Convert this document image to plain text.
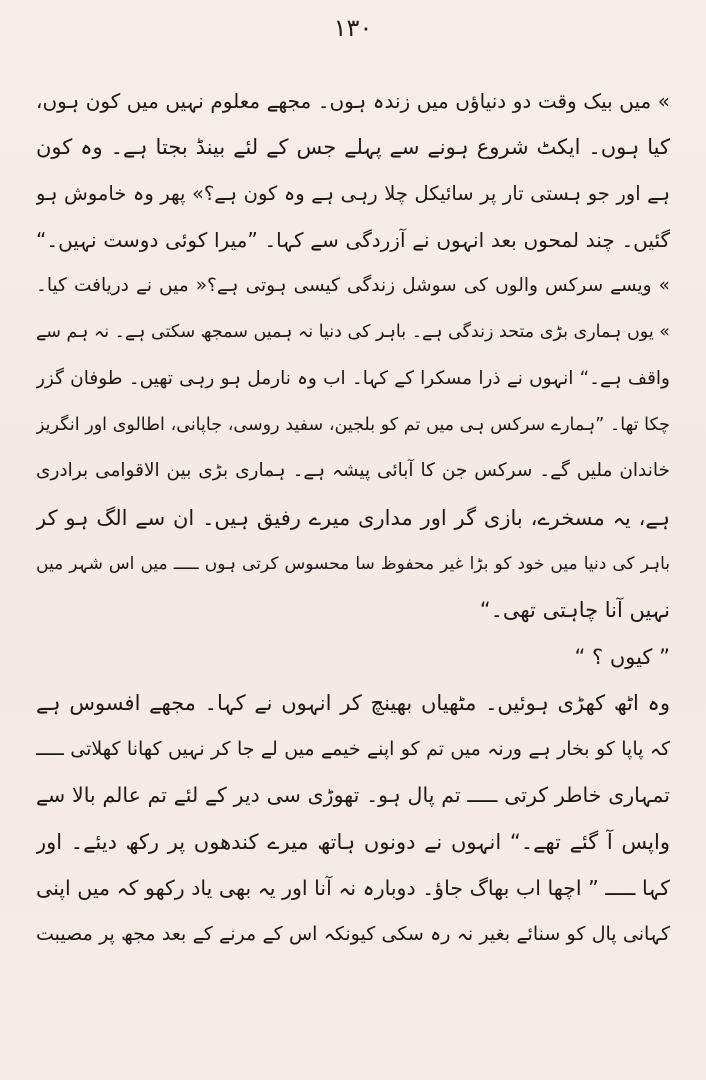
۱۳۰
» میں بیک وقت دو دنیاؤں میں زندہ ہوں۔ مجھے معلوم نہیں میں کون ہوں،
کیا ہوں۔ ایکٹ شروع ہونے سے پہلے جس کے لئے بینڈ بجتا ہے۔ وہ کون
ہے اور جو ہستی تار پر سائیکل چلا رہی ہے وہ کون ہے؟» پھر وہ خاموش ہو
گئیں۔ چند لمحوں بعد انہوں نے آزردگی سے کہا۔ ”میرا کوئی دوست نہیں۔“
» ویسے سرکس والوں کی سوشل زندگی کیسی ہوتی ہے؟« میں نے دریافت کیا۔
» یوں ہماری بڑی متحد زندگی ہے۔ باہر کی دنیا نہ ہمیں سمجھ سکتی ہے۔ نہ ہم سے
واقف ہے۔“ انہوں نے ذرا مسکرا کے کہا۔ اب وہ نارمل ہو رہی تھیں۔ طوفان گزر
چکا تھا۔ ”ہمارے سرکس ہی میں تم کو بلجین، سفید روسی، جاپانی، اطالوی اور انگریز
خاندان ملیں گے۔ سرکس جن کا آبائی پیشہ ہے۔ ہماری بڑی بین الاقوامی برادری
ہے، یہ مسخرے، بازی گر اور مداری میرے رفیق ہیں۔ ان سے الگ ہو کر
باہر کی دنیا میں خود کو بڑا غیر محفوظ سا محسوس کرتی ہوں ـــــ میں اس شہر میں
نہیں آنا چاہتی تھی۔“
” کیوں ؟ “
وہ اٹھ کھڑی ہوئیں۔ مٹھیاں بھینچ کر انہوں نے کہا۔ مجھے افسوس ہے
کہ پاپا کو بخار ہے ورنہ میں تم کو اپنے خیمے میں لے جا کر نہیں کھانا کھلاتی ـــــ
تمہاری خاطر کرتی ـــــ تم پال ہو۔ تھوڑی سی دیر کے لئے تم عالم بالا سے
واپس آ گئے تھے۔“ انہوں نے دونوں ہاتھ میرے کندھوں پر رکھ دیئے۔ اور
کہا ـــــ ” اچھا اب بھاگ جاؤ۔ دوبارہ نہ آنا اور یہ بھی یاد رکھو کہ میں اپنی
کہانی پال کو سنائے بغیر نہ رہ سکی کیونکہ اس کے مرنے کے بعد مجھ پر مصیبت
